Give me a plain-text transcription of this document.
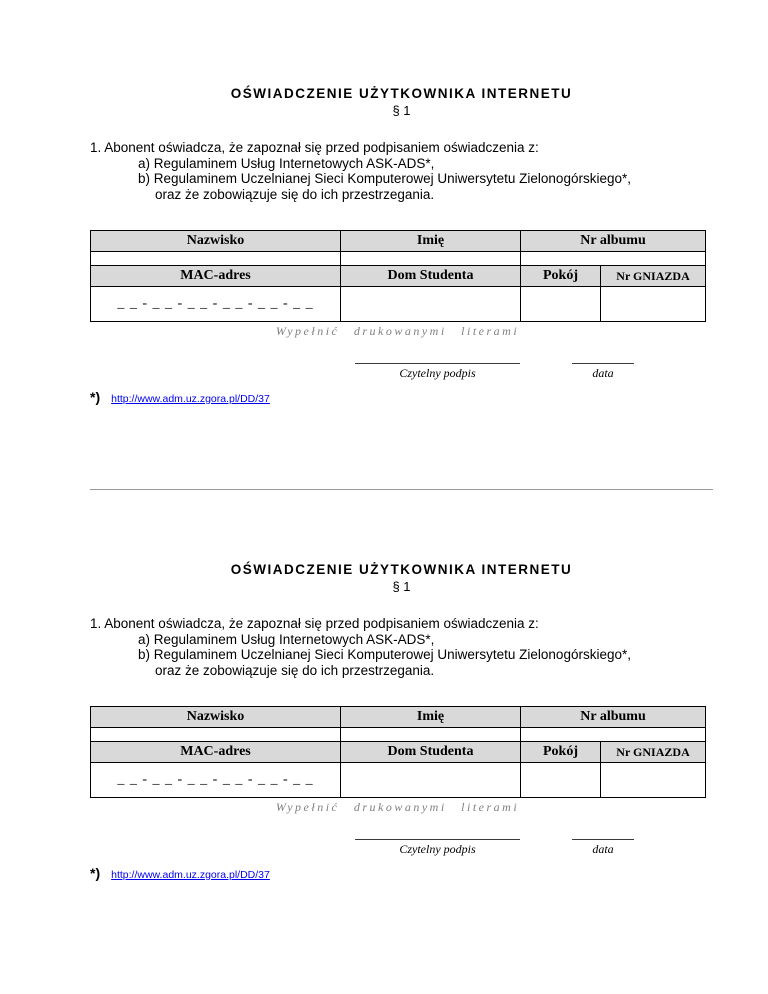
OŚWIADCZENIE UŻYTKOWNIKA INTERNETU
§ 1
1. Abonent oświadcza, że zapoznał się przed podpisaniem oświadczenia z:
a) Regulaminem Usług Internetowych ASK-ADS*,
b) Regulaminem Uczelnianej Sieci Komputerowej Uniwersytetu Zielonogórskiego*,
oraz że zobowiązuje się do ich przestrzegania.
Nazwisko	Imię	Nr albumu	

MAC-adres	Dom Studenta	Pokój	Nr GNIAZDA
_ _ - _ _ - _ _ - _ _ - _ _ - _ _			
Wypełnić drukowanymi literami
Czytelny podpis	data
*) http://www.adm.uz.zgora.pl/DD/37
OŚWIADCZENIE UŻYTKOWNIKA INTERNETU
§ 1
1. Abonent oświadcza, że zapoznał się przed podpisaniem oświadczenia z:
a) Regulaminem Usług Internetowych ASK-ADS*,
b) Regulaminem Uczelnianej Sieci Komputerowej Uniwersytetu Zielonogórskiego*,
oraz że zobowiązuje się do ich przestrzegania.
Nazwisko	Imię	Nr albumu	

MAC-adres	Dom Studenta	Pokój	Nr GNIAZDA
_ _ - _ _ - _ _ - _ _ - _ _ - _ _			
Wypełnić drukowanymi literami
Czytelny podpis	data
*) http://www.adm.uz.zgora.pl/DD/37
